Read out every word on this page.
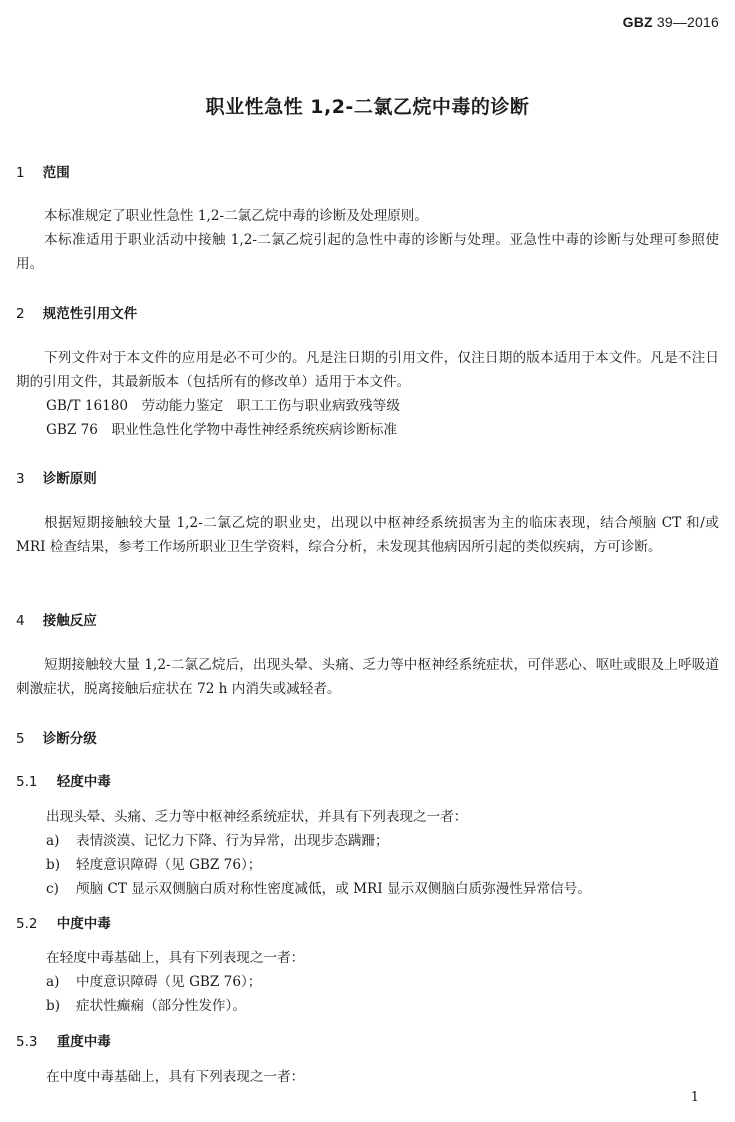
GBZ 39—2016
职业性急性 1,2-二氯乙烷中毒的诊断
1 范围

本标准规定了职业性急性 1,2-二氯乙烷中毒的诊断及处理原则。

本标准适用于职业活动中接触 1,2-二氯乙烷引起的急性中毒的诊断与处理。亚急性中毒的诊断与处理可参照使用。

2 规范性引用文件

下列文件对于本文件的应用是必不可少的。凡是注日期的引用文件，仅注日期的版本适用于本文件。凡是不注日期的引用文件，其最新版本（包括所有的修改单）适用于本文件。

GB/T 16180　劳动能力鉴定　职工工伤与职业病致残等级
GBZ 76　职业性急性化学物中毒性神经系统疾病诊断标准
3 诊断原则

根据短期接触较大量 1,2-二氯乙烷的职业史，出现以中枢神经系统损害为主的临床表现，结合颅脑 CT 和/或 MRI 检查结果，参考工作场所职业卫生学资料，综合分析，未发现其他病因所引起的类似疾病，方可诊断。

4 接触反应

短期接触较大量 1,2-二氯乙烷后，出现头晕、头痛、乏力等中枢神经系统症状，可伴恶心、呕吐或眼及上呼吸道刺激症状，脱离接触后症状在 72 h 内消失或减轻者。

5 诊断分级
5.1 轻度中毒
出现头晕、头痛、乏力等中枢神经系统症状，并具有下列表现之一者：
a) 表情淡漠、记忆力下降、行为异常，出现步态蹒跚；
b) 轻度意识障碍（见 GBZ 76）；
c) 颅脑 CT 显示双侧脑白质对称性密度减低，或 MRI 显示双侧脑白质弥漫性异常信号。
5.2 中度中毒
在轻度中毒基础上，具有下列表现之一者：
a) 中度意识障碍（见 GBZ 76）；
b) 症状性癫痫（部分性发作）。
5.3 重度中毒
在中度中毒基础上，具有下列表现之一者：
1
